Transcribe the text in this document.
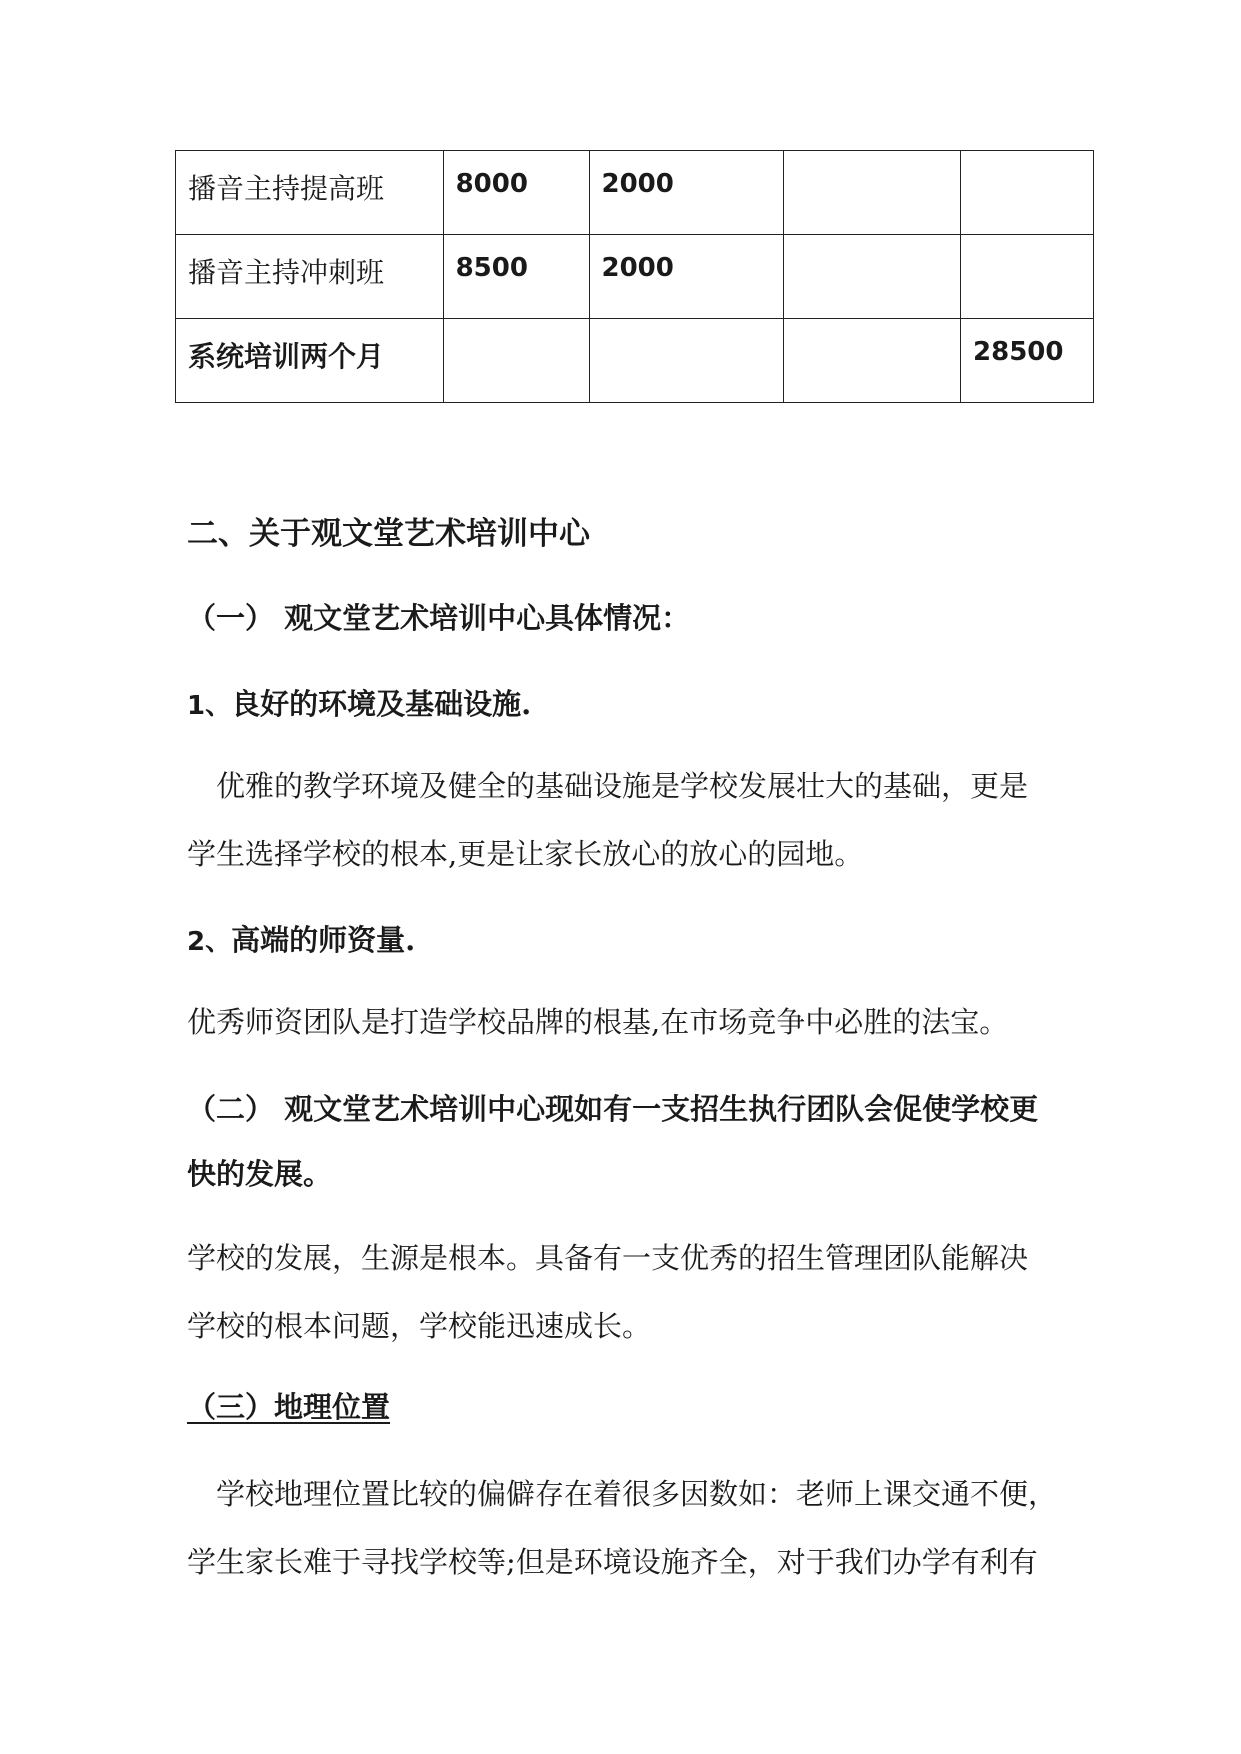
播音主持提高班	8000	2000		
播音主持冲刺班	8500	2000		
系统培训两个月				28500
二、关于观文堂艺术培训中心
（一） 观文堂艺术培训中心具体情况：
1、良好的环境及基础设施.
　优雅的教学环境及健全的基础设施是学校发展壮大的基础，更是
学生选择学校的根本,更是让家长放心的放心的园地。
2、高端的师资量.
优秀师资团队是打造学校品牌的根基,在市场竞争中必胜的法宝。
（二） 观文堂艺术培训中心现如有一支招生执行团队会促使学校更
快的发展。
学校的发展，生源是根本。具备有一支优秀的招生管理团队能解决
学校的根本问题，学校能迅速成长。
（三）地理位置
　学校地理位置比较的偏僻存在着很多因数如：老师上课交通不便，
学生家长难于寻找学校等;但是环境设施齐全，对于我们办学有利有
